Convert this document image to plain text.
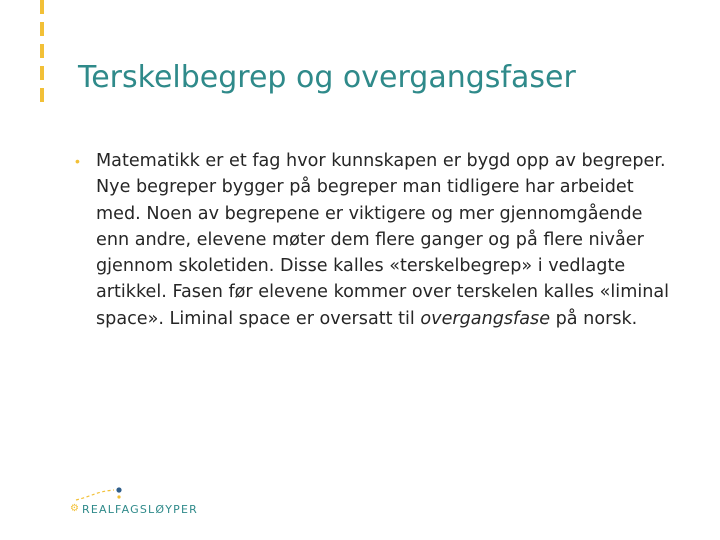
Terskelbegrep og overgangsfaser
• Matematikk er et fag hvor kunnskapen er bygd opp av begreper. Nye begreper bygger på begreper man tidligere har arbeidet med. Noen av begrepene er viktigere og mer gjennomgående enn andre, elevene møter dem flere ganger og på flere nivåer gjennom skoletiden. Disse kalles «terskelbegrep» i vedlagte artikkel. Fasen før elevene kommer over terskelen kalles «liminal space». Liminal space er oversatt til overgangsfase på norsk.

⚙ REALFAGSLØYPER
